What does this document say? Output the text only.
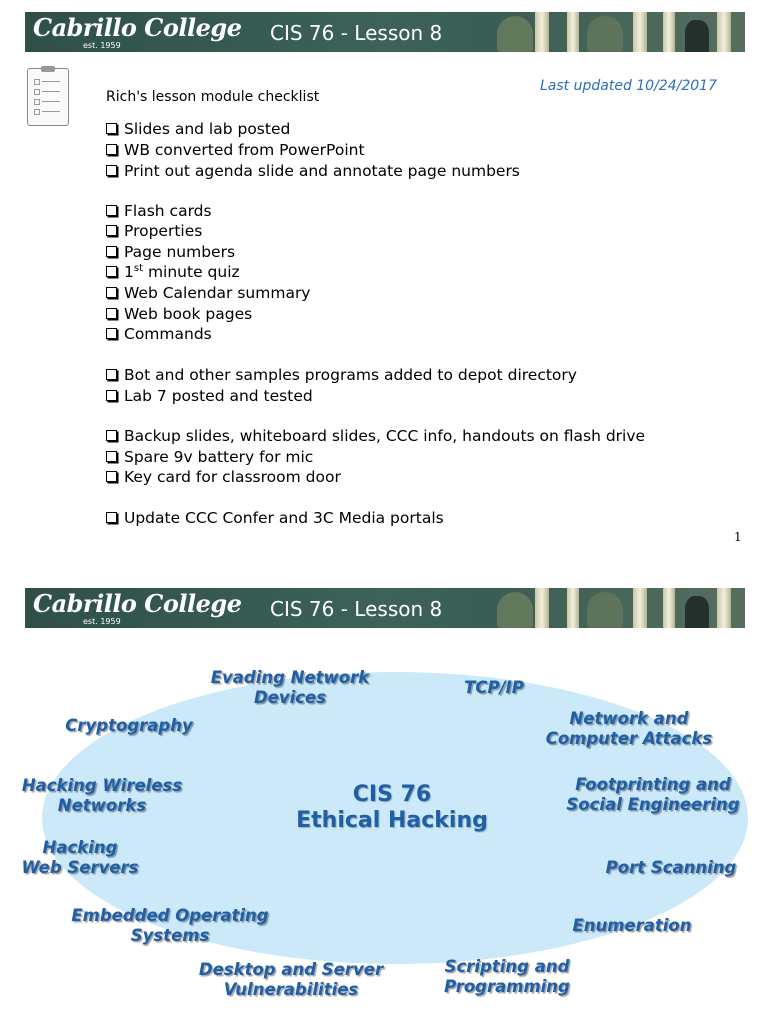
Cabrillo College
est. 1959
CIS 76 - Lesson 8
Last updated 10/24/2017
Rich's lesson module checklist
Slides and lab posted
WB converted from PowerPoint
Print out agenda slide and annotate page numbers
Flash cards
Properties
Page numbers
1st minute quiz
Web Calendar summary
Web book pages
Commands
Bot and other samples programs added to depot directory
Lab 7 posted and tested
Backup slides, whiteboard slides, CCC info, handouts on flash drive
Spare 9v battery for mic
Key card for classroom door
Update CCC Confer and 3C Media portals
1
Cabrillo College
est. 1959
CIS 76 - Lesson 8
CIS 76
Ethical Hacking
Evading Network
Devices
TCP/IP
Cryptography	Network and
Computer Attacks
Hacking Wireless
Networks
Footprinting and
Social Engineering
Hacking
Web Servers	Port Scanning
Embedded Operating
Systems
Enumeration
Desktop and Server
Vulnerabilities
Scripting and
Programming
